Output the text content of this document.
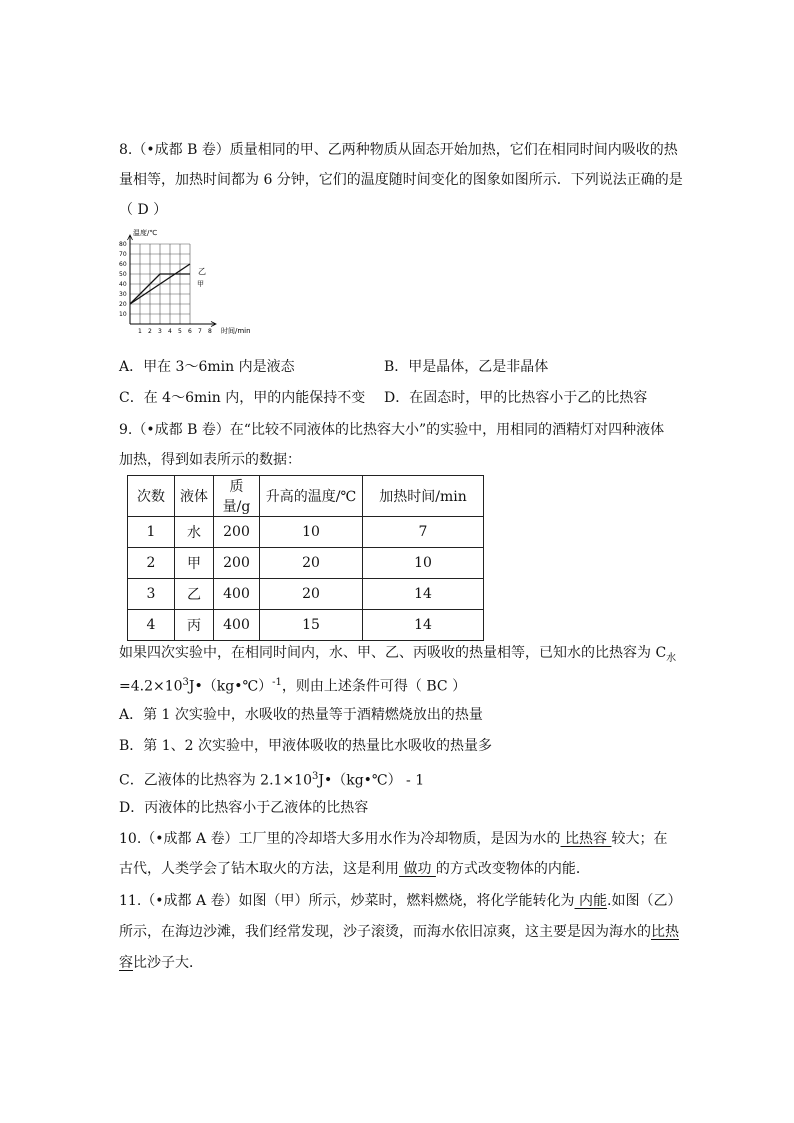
8.（•成都 B 卷）质量相同的甲、乙两种物质从固态开始加热，它们在相同时间内吸收的热
量相等，加热时间都为 6 分钟，它们的温度随时间变化的图象如图所示．下列说法正确的是
（ D ）
1 2 3 4 5 6 7 8
10
20
30
40
50
60
70
80
温度/℃
时间/min
乙
甲
A．甲在 3～6min 内是液态	B．甲是晶体，乙是非晶体
C．在 4～6min 内，甲的内能保持不变 D．在固态时，甲的比热容小于乙的比热容
9.（•成都 B 卷）在“比较不同液体的比热容大小”的实验中，用相同的酒精灯对四种液体
加热，得到如表所示的数据：
次数	液体	质量/g	升高的温度/℃	加热时间/min
1	水	200	10	7
2	甲	200	20	10
3	乙	400	20	14
4	丙	400	15	14
如果四次实验中，在相同时间内，水、甲、乙、丙吸收的热量相等，已知水的比热容为 $C_水$
$=4.2\times 10^3J•(kg•℃)^{-1}$，则由上述条件可得（ BC ）
A．第 1 次实验中，水吸收的热量等于酒精燃烧放出的热量
B．第 1、2 次实验中，甲液体吸收的热量比水吸收的热量多
C．乙液体的比热容为 $2.1\times 10^3J•(kg•℃) - 1$
D．丙液体的比热容小于乙液体的比热容
10.（•成都 A 卷）工厂里的冷却塔大多用水作为冷却物质，是因为水的 比热容 较大；在
古代，人类学会了钻木取火的方法，这是利用 做功 的方式改变物体的内能．
11.（•成都 A 卷）如图（甲）所示，炒菜时，燃料燃烧，将化学能转化为 内能.如图（乙）
所示，在海边沙滩，我们经常发现，沙子滚烫，而海水依旧凉爽，这主要是因为海水的比热
容比沙子大．
